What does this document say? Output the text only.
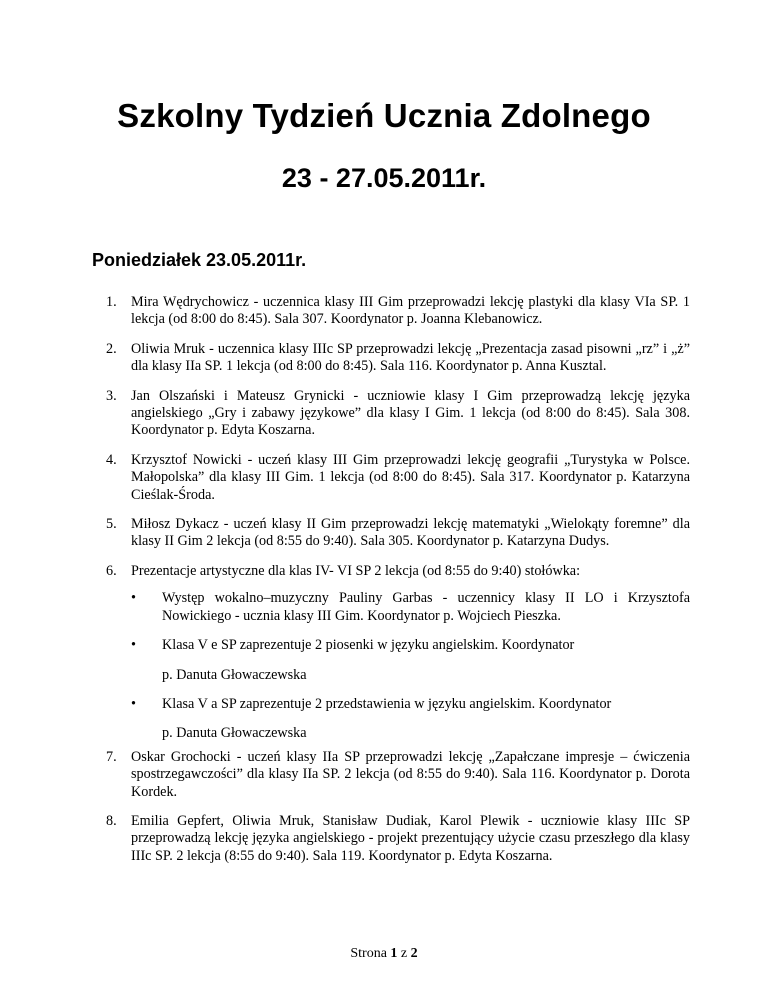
Szkolny Tydzień Ucznia Zdolnego
23 - 27.05.2011r.
Poniedziałek 23.05.2011r.
1. Mira Wędrychowicz - uczennica klasy III Gim przeprowadzi lekcję plastyki dla klasy VIa SP. 1 lekcja (od 8:00 do 8:45). Sala 307. Koordynator p. Joanna Klebanowicz.
2. Oliwia Mruk - uczennica klasy IIIc SP przeprowadzi lekcję „Prezentacja zasad pisowni „rz” i „ż” dla klasy IIa SP. 1 lekcja (od 8:00 do 8:45). Sala 116. Koordynator p. Anna Kusztal.
3. Jan Olszański i Mateusz Grynicki - uczniowie klasy I Gim przeprowadzą lekcję języka angielskiego „Gry i zabawy językowe” dla klasy I Gim. 1 lekcja (od 8:00 do 8:45). Sala 308. Koordynator p. Edyta Koszarna.
4. Krzysztof Nowicki - uczeń klasy III Gim przeprowadzi lekcję geografii „Turystyka w Polsce. Małopolska” dla klasy III Gim. 1 lekcja (od 8:00 do 8:45). Sala 317. Koordynator p. Katarzyna Cieślak-Środa.
5. Miłosz Dykacz - uczeń klasy II Gim przeprowadzi lekcję matematyki „Wielokąty foremne” dla klasy II Gim 2 lekcja (od 8:55 do 9:40). Sala 305. Koordynator p. Katarzyna Dudys.
6. Prezentacje artystyczne dla klas IV- VI SP 2 lekcja (od 8:55 do 9:40) stołówka:
• Występ wokalno–muzyczny Pauliny Garbas - uczennicy klasy II LO i Krzysztofa Nowickiego - ucznia klasy III Gim. Koordynator p. Wojciech Pieszka.
• Klasa V e SP zaprezentuje 2 piosenki w języku angielskim. Koordynator
p. Danuta Głowaczewska
• Klasa V a SP zaprezentuje 2 przedstawienia w języku angielskim. Koordynator
p. Danuta Głowaczewska
7. Oskar Grochocki - uczeń klasy IIa SP przeprowadzi lekcję „Zapałczane impresje – ćwiczenia spostrzegawczości” dla klasy IIa SP. 2 lekcja (od 8:55 do 9:40). Sala 116. Koordynator p. Dorota Kordek.
8. Emilia Gepfert, Oliwia Mruk, Stanisław Dudiak, Karol Plewik - uczniowie klasy IIIc SP przeprowadzą lekcję języka angielskiego - projekt prezentujący użycie czasu przeszłego dla klasy IIIc SP. 2 lekcja (8:55 do 9:40). Sala 119. Koordynator p. Edyta Koszarna.
Strona 1 z 2
